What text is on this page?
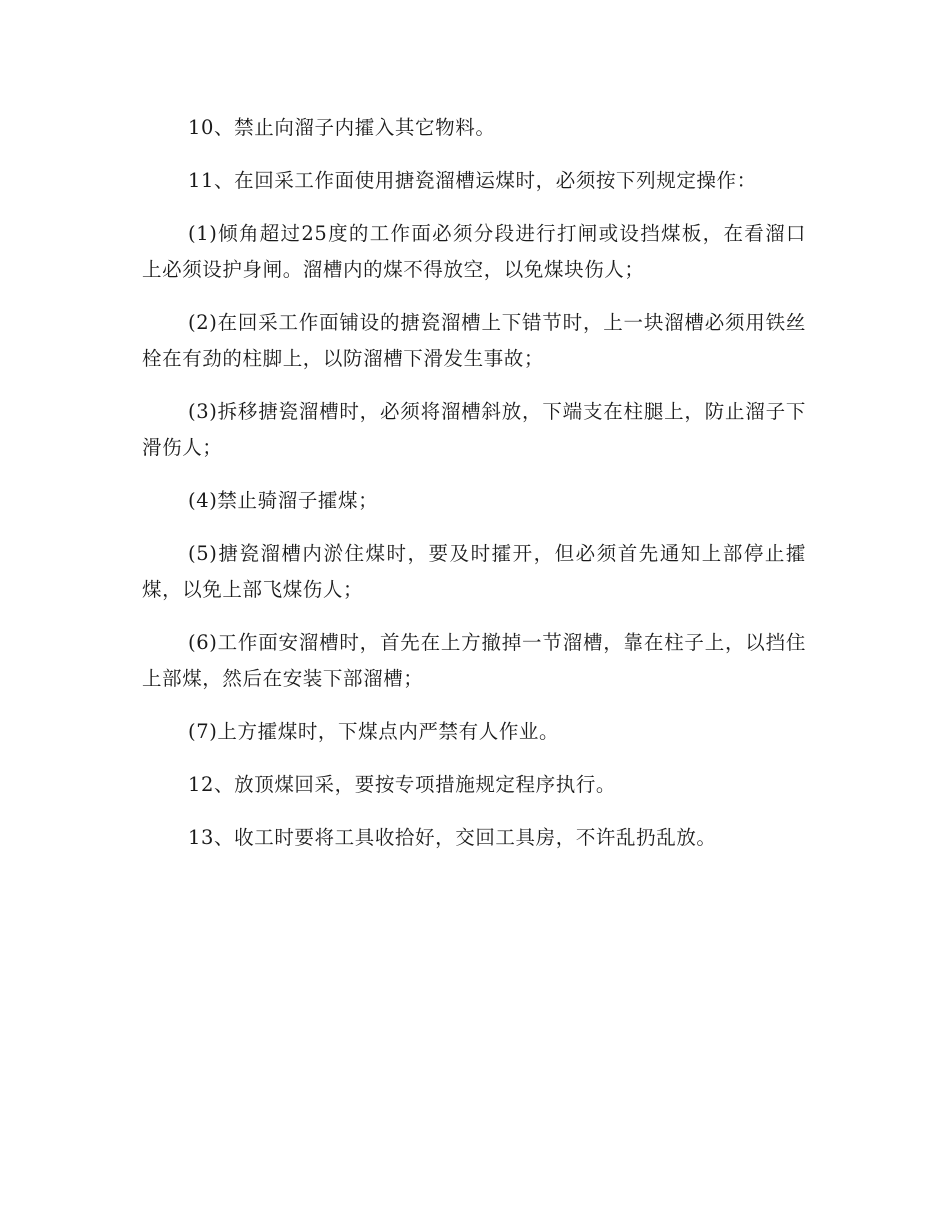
10、禁止向溜子内攉入其它物料。

11、在回采工作面使用搪瓷溜槽运煤时，必须按下列规定操作：

(1)倾角超过25度的工作面必须分段进行打闸或设挡煤板，在看溜口上必须设护身闸。溜槽内的煤不得放空，以免煤块伤人；

(2)在回采工作面铺设的搪瓷溜槽上下错节时，上一块溜槽必须用铁丝栓在有劲的柱脚上，以防溜槽下滑发生事故；

(3)拆移搪瓷溜槽时，必须将溜槽斜放，下端支在柱腿上，防止溜子下滑伤人；

(4)禁止骑溜子攉煤；

(5)搪瓷溜槽内淤住煤时，要及时攉开，但必须首先通知上部停止攉煤，以免上部飞煤伤人；

(6)工作面安溜槽时，首先在上方撤掉一节溜槽，靠在柱子上，以挡住上部煤，然后在安装下部溜槽；

(7)上方攉煤时，下煤点内严禁有人作业。

12、放顶煤回采，要按专项措施规定程序执行。

13、收工时要将工具收拾好，交回工具房，不许乱扔乱放。
